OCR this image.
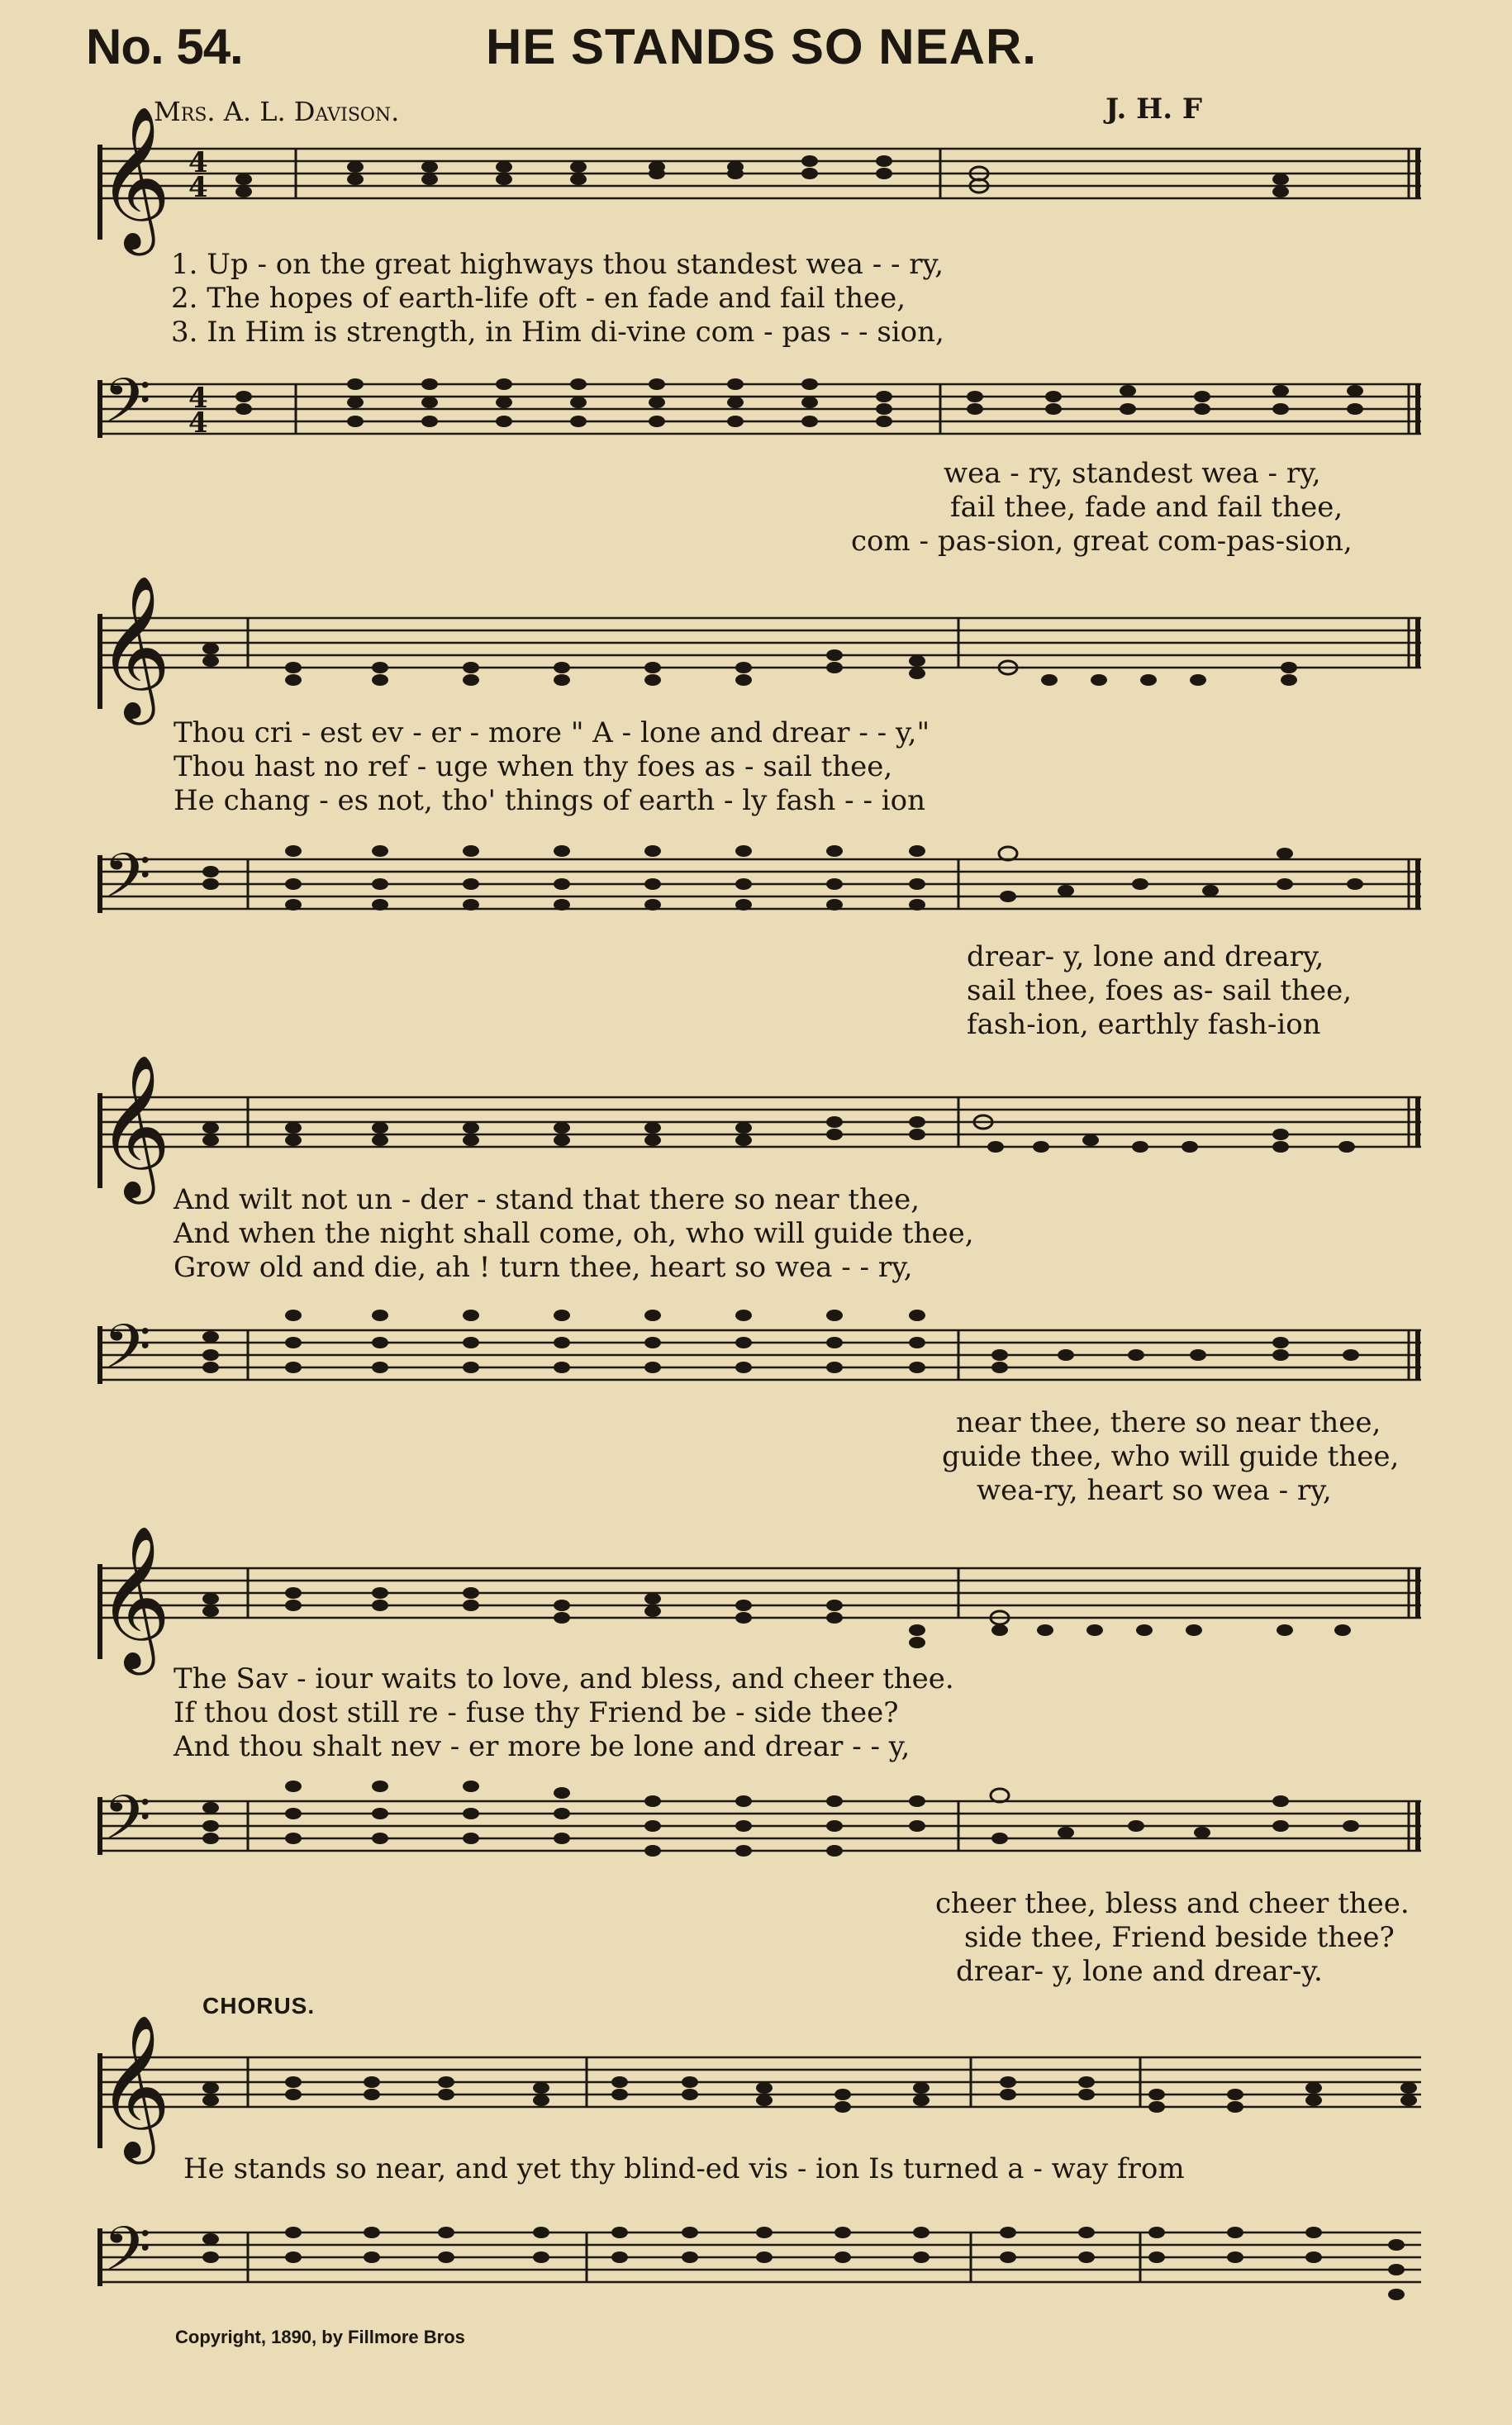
No. 54.	HE STANDS SO NEAR.
Mrs. A. L. Davison.	J. H. F
𝄞 4
4
1. Up - on the great highways thou standest wea - - ry,
2. The hopes of earth-life oft - en fade and fail thee,
3. In Him is strength, in Him di-vine com - pas - - sion,
𝄢 4
4
wea - ry, standest wea - ry,
fail thee, fade and fail thee,
com - pas-sion, great com-pas-sion,
𝄞
Thou cri - est ev - er - more " A - lone and drear - - y,"
Thou hast no ref - uge when thy foes as - sail thee,
He chang - es not, tho' things of earth - ly fash - - ion
𝄢
drear- y, lone and dreary,
sail thee, foes as- sail thee,
fash-ion, earthly fash-ion
𝄞
And wilt not un - der - stand that there so near thee,
And when the night shall come, oh, who will guide thee,
Grow old and die, ah ! turn thee, heart so wea - - ry,
𝄢
near thee, there so near thee,
guide thee, who will guide thee,
wea-ry, heart so wea - ry,
𝄞
The Sav - iour waits to love, and bless, and cheer thee.
If thou dost still re - fuse thy Friend be - side thee?
And thou shalt nev - er more be lone and drear - - y,
𝄢
cheer thee, bless and cheer thee.
side thee, Friend beside thee?
drear- y, lone and drear-y.
CHORUS.
𝄞
He stands so near, and yet thy blind-ed vis - ion Is turned a - way from
𝄢
Copyright, 1890, by Fillmore Bros
